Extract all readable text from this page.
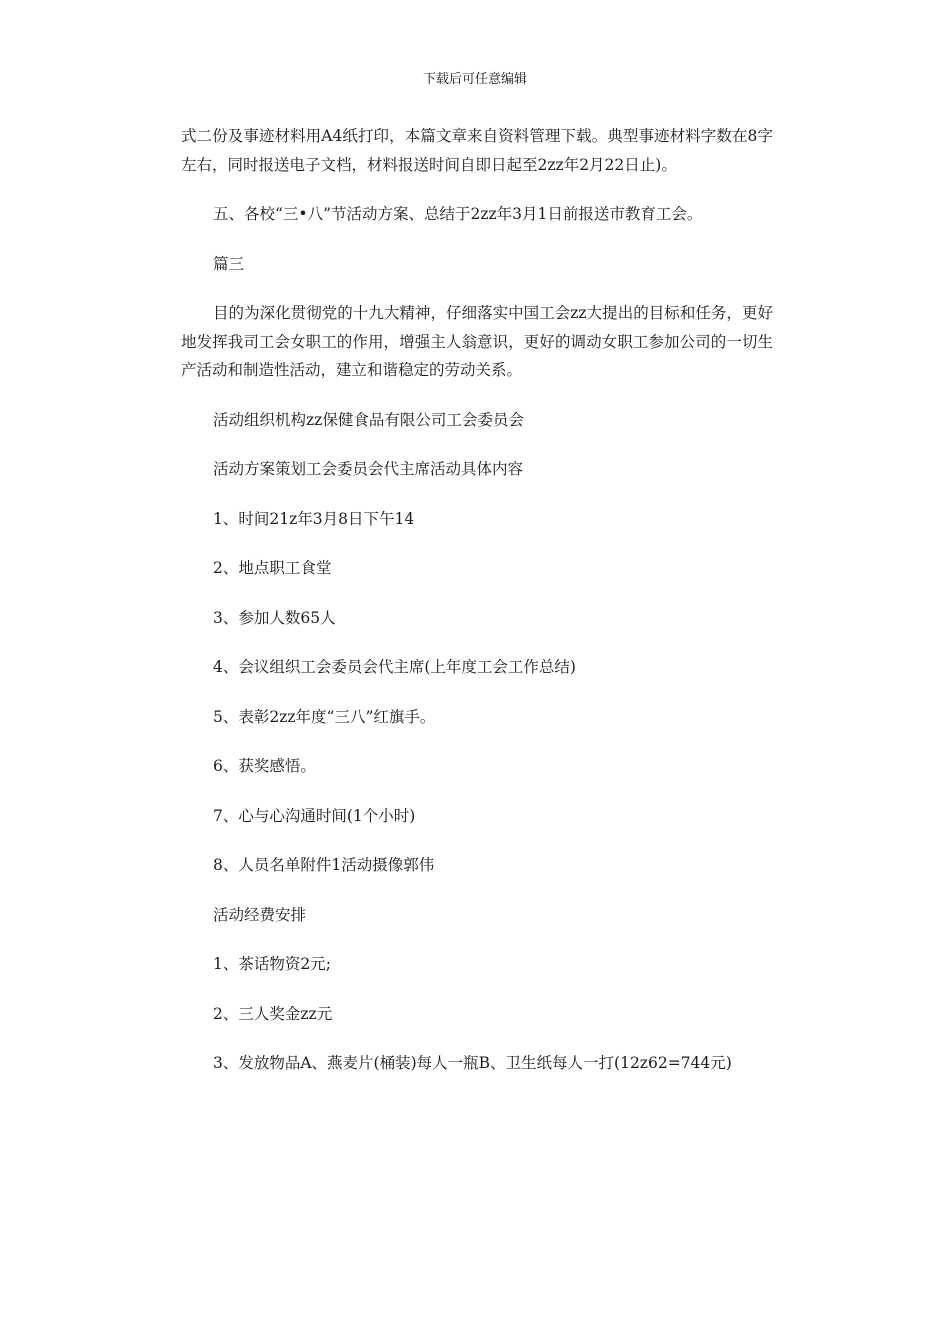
下载后可任意编辑

式二份及事迹材料用A4纸打印，本篇文章来自资料管理下载。典型事迹材料字数在8字左右，同时报送电子文档，材料报送时间自即日起至2zz年2月22日止)。

五、各校“三•八”节活动方案、总结于2zz年3月1日前报送市教育工会。

篇三

目的为深化贯彻党的十九大精神，仔细落实中国工会zz大提出的目标和任务，更好地发挥我司工会女职工的作用，增强主人翁意识，更好的调动女职工参加公司的一切生产活动和制造性活动，建立和谐稳定的劳动关系。

活动组织机构zz保健食品有限公司工会委员会

活动方案策划工会委员会代主席活动具体内容

1、时间21z年3月8日下午14

2、地点职工食堂

3、参加人数65人

4、会议组织工会委员会代主席(上年度工会工作总结)

5、表彰2zz年度“三八”红旗手。

6、获奖感悟。

7、心与心沟通时间(1个小时)

8、人员名单附件1活动摄像郭伟

活动经费安排

1、茶话物资2元;

2、三人奖金zz元

3、发放物品A、燕麦片(桶装)每人一瓶B、卫生纸每人一打(12z62=744元)
